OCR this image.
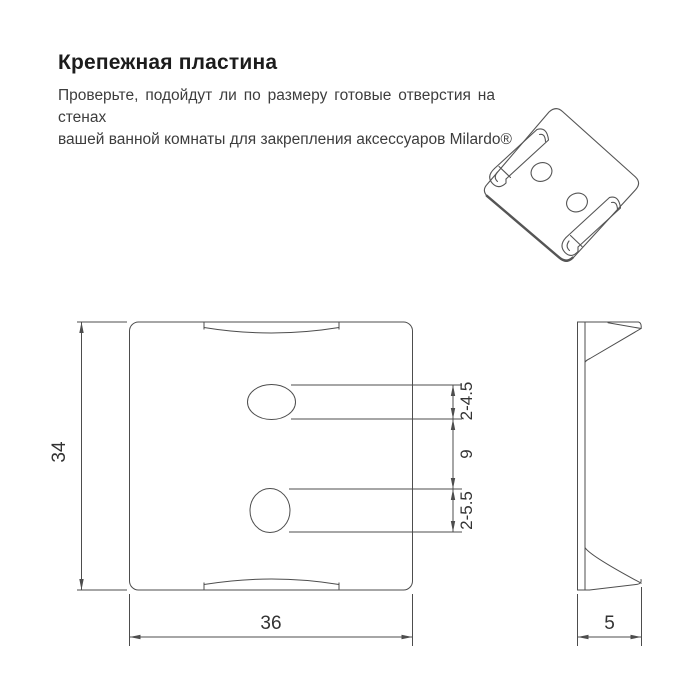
Крепежная пластина
Проверьте, подойдут ли по размеру готовые отверстия на стенах
вашей ванной комнаты для закрепления аксессуаров Milardo®
34
36
2-4.5
9
2-5.5
5
